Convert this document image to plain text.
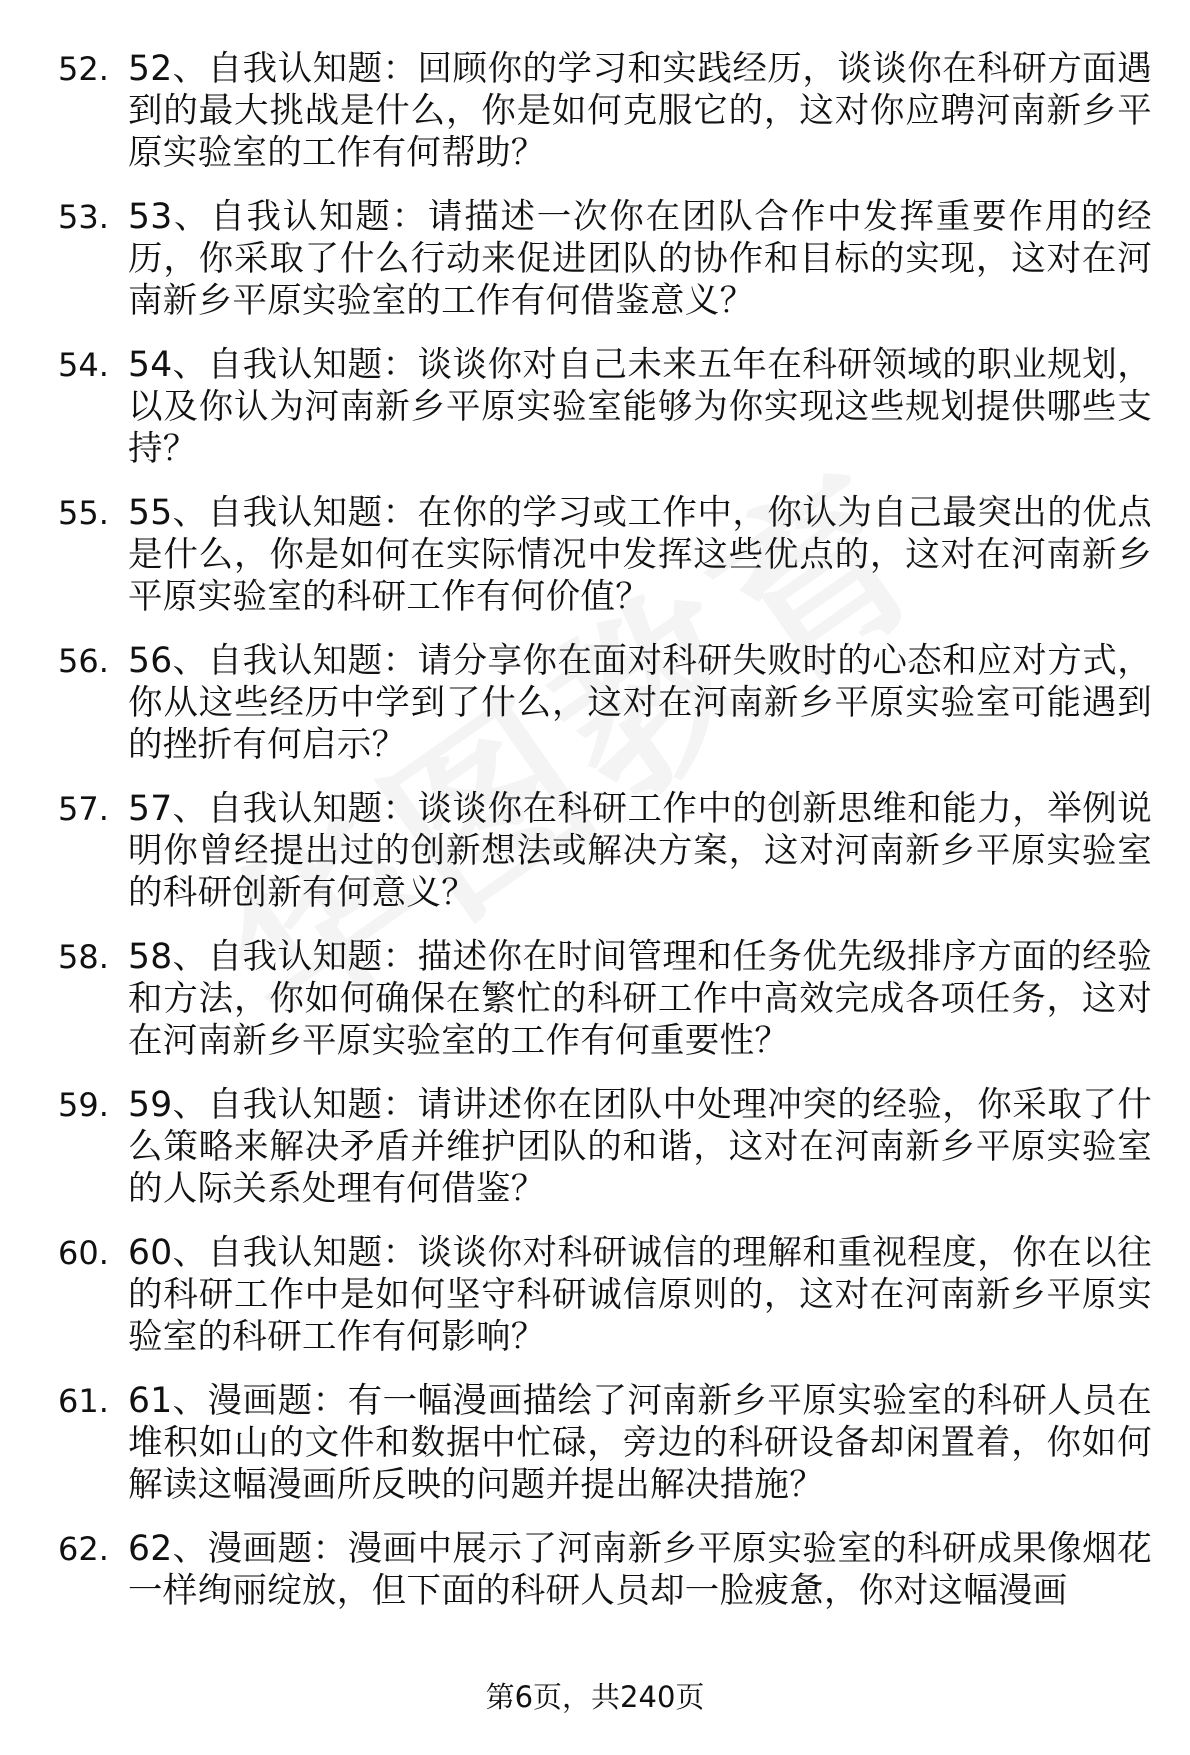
52. 52、自我认知题：回顾你的学习和实践经历，谈谈你在科研方面遇到的最大挑战是什么，你是如何克服它的，这对你应聘河南新乡平原实验室的工作有何帮助？
53. 53、自我认知题：请描述一次你在团队合作中发挥重要作用的经历，你采取了什么行动来促进团队的协作和目标的实现，这对在河南新乡平原实验室的工作有何借鉴意义？
54. 54、自我认知题：谈谈你对自己未来五年在科研领域的职业规划，以及你认为河南新乡平原实验室能够为你实现这些规划提供哪些支持？
55. 55、自我认知题：在你的学习或工作中，你认为自己最突出的优点是什么，你是如何在实际情况中发挥这些优点的，这对在河南新乡平原实验室的科研工作有何价值？
56. 56、自我认知题：请分享你在面对科研失败时的心态和应对方式，你从这些经历中学到了什么，这对在河南新乡平原实验室可能遇到的挫折有何启示？
57. 57、自我认知题：谈谈你在科研工作中的创新思维和能力，举例说明你曾经提出过的创新想法或解决方案，这对河南新乡平原实验室的科研创新有何意义？
58. 58、自我认知题：描述你在时间管理和任务优先级排序方面的经验和方法，你如何确保在繁忙的科研工作中高效完成各项任务，这对在河南新乡平原实验室的工作有何重要性？
59. 59、自我认知题：请讲述你在团队中处理冲突的经验，你采取了什么策略来解决矛盾并维护团队的和谐，这对在河南新乡平原实验室的人际关系处理有何借鉴？
60. 60、自我认知题：谈谈你对科研诚信的理解和重视程度，你在以往的科研工作中是如何坚守科研诚信原则的，这对在河南新乡平原实验室的科研工作有何影响？
61. 61、漫画题：有一幅漫画描绘了河南新乡平原实验室的科研人员在堆积如山的文件和数据中忙碌，旁边的科研设备却闲置着，你如何解读这幅漫画所反映的问题并提出解决措施？
62. 62、漫画题：漫画中展示了河南新乡平原实验室的科研成果像烟花一样绚丽绽放，但下面的科研人员却一脸疲惫，你对这幅漫画
第6页，共240页
